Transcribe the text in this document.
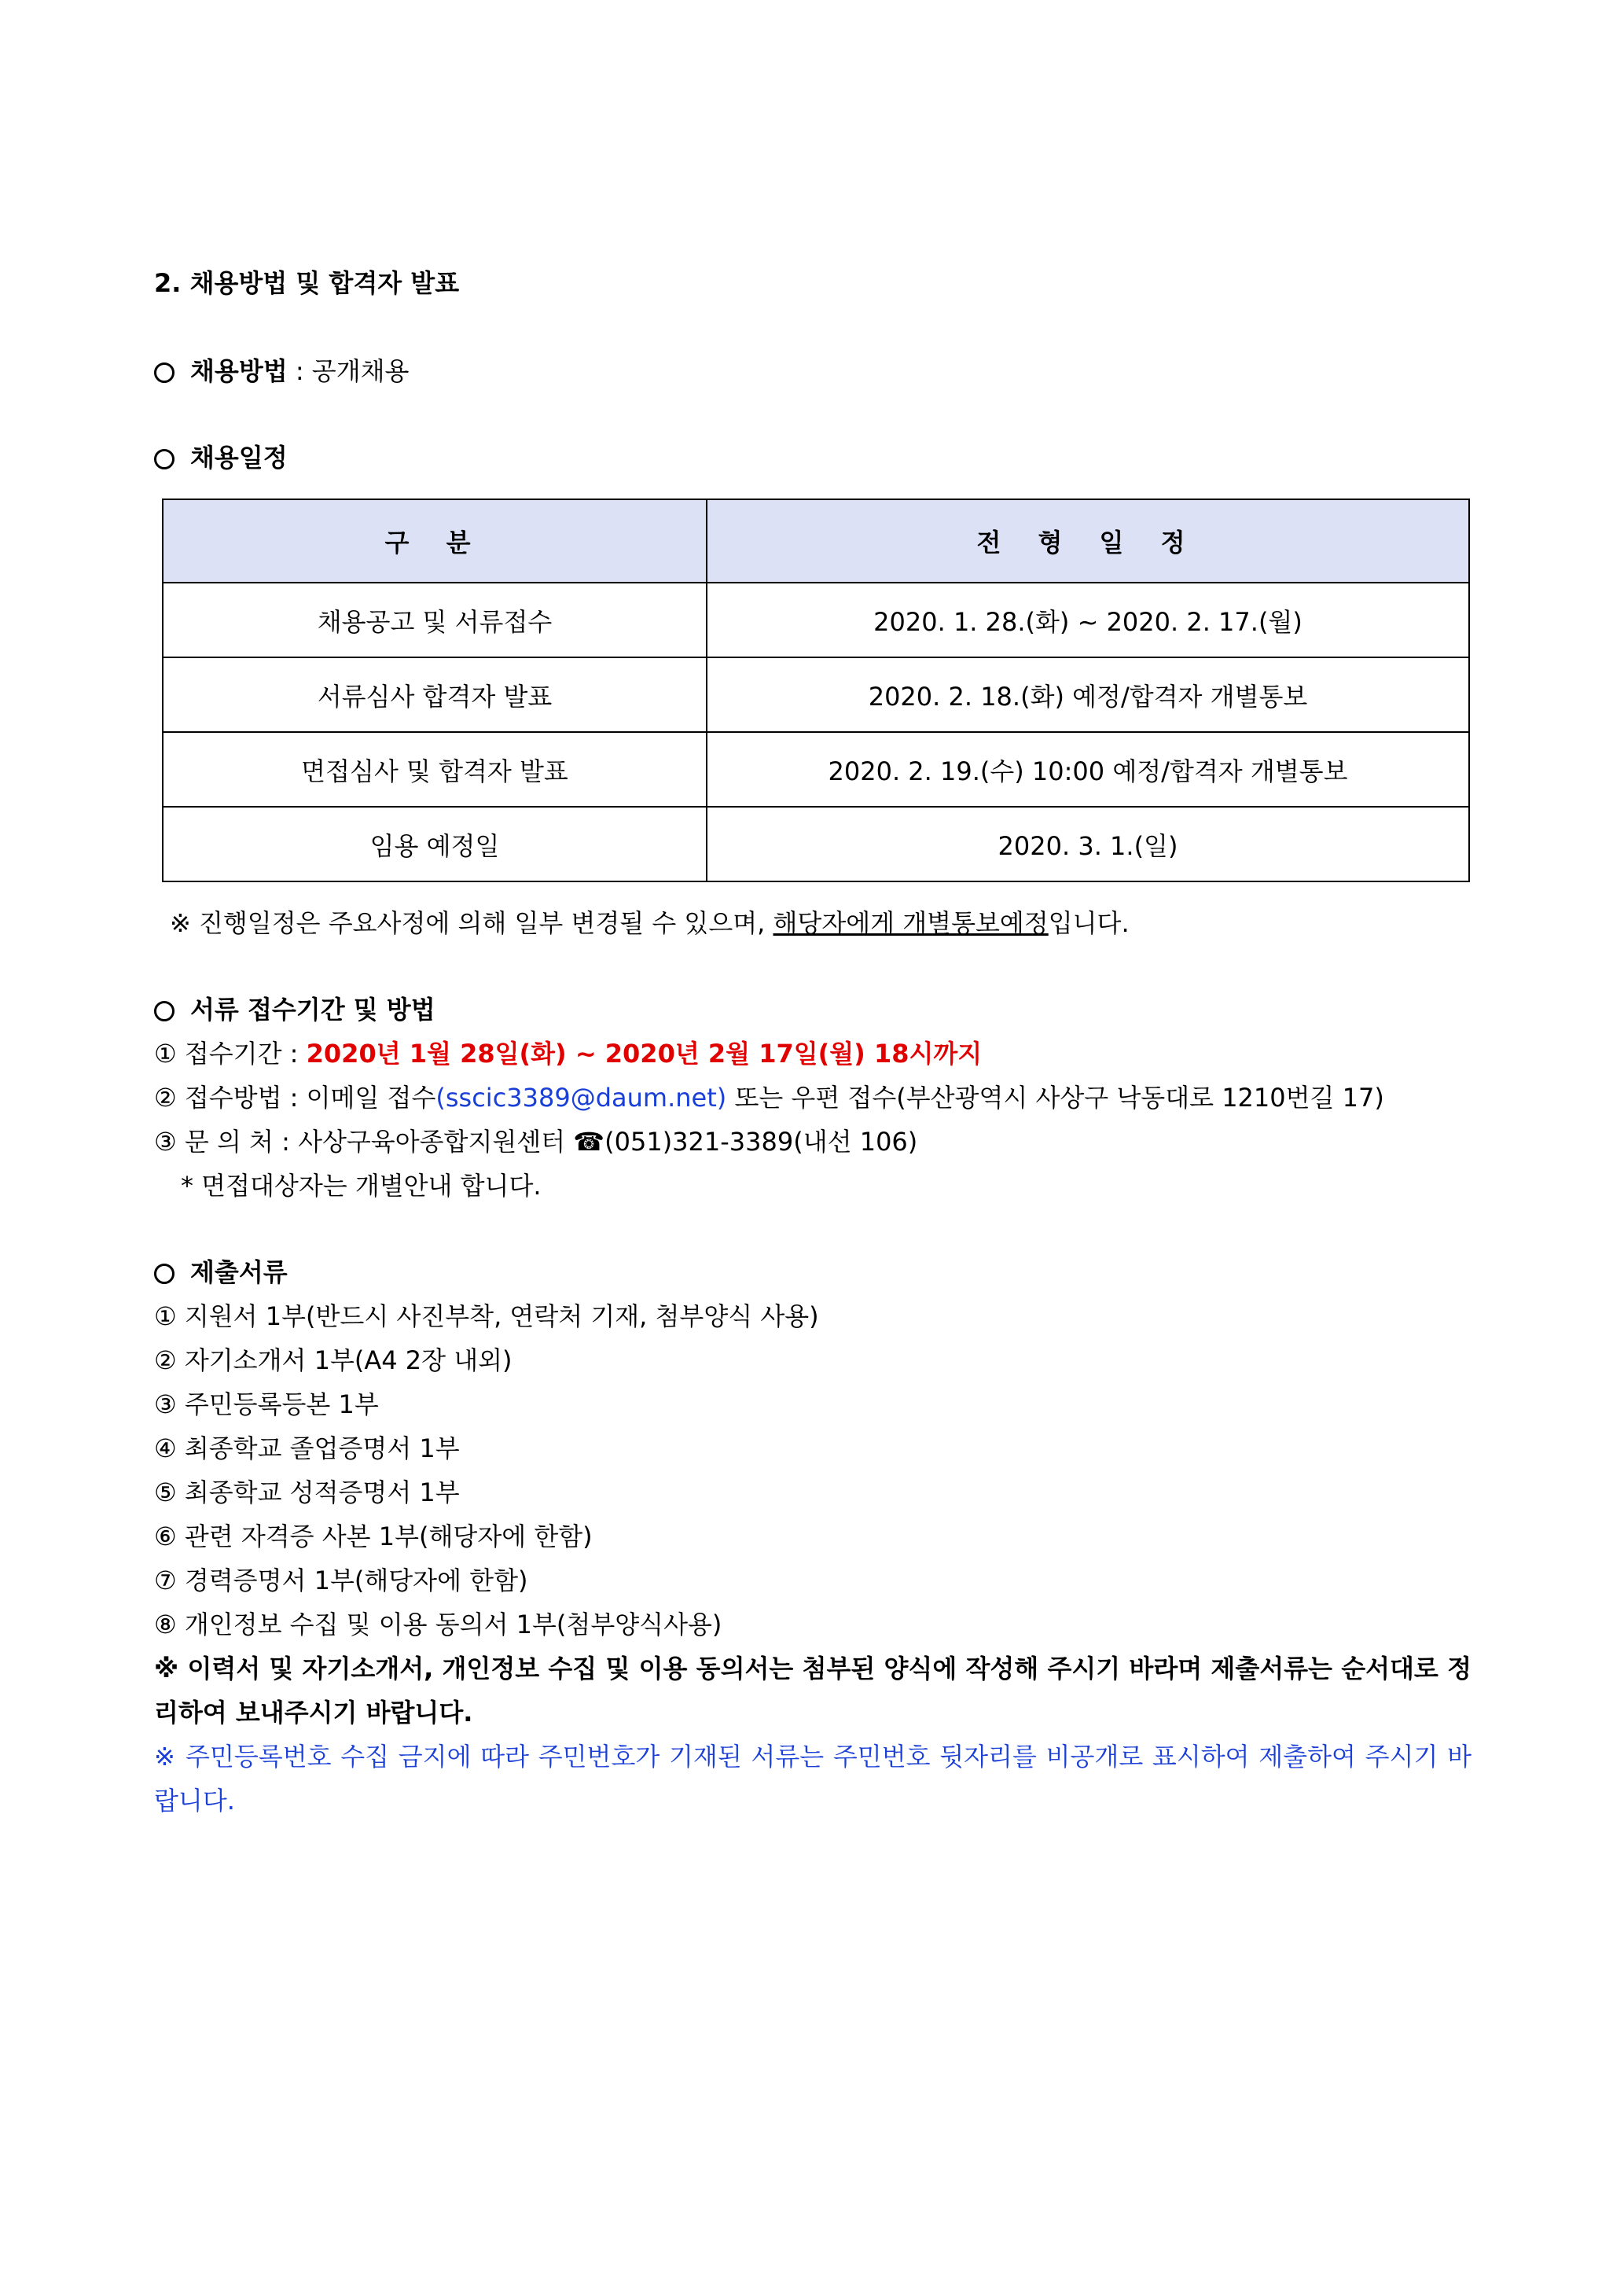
2. 채용방법 및 합격자 발표
채용방법 : 공개채용
채용일정
구 분	전 형 일 정
채용공고 및 서류접수	2020. 1. 28.(화) ~ 2020. 2. 17.(월)
서류심사 합격자 발표	2020. 2. 18.(화) 예정/합격자 개별통보
면접심사 및 합격자 발표	2020. 2. 19.(수) 10:00 예정/합격자 개별통보
임용 예정일	2020. 3. 1.(일)
※ 진행일정은 주요사정에 의해 일부 변경될 수 있으며, 해당자에게 개별통보예정입니다.
서류 접수기간 및 방법
① 접수기간 : 2020년 1월 28일(화) ~ 2020년 2월 17일(월) 18시까지
② 접수방법 : 이메일 접수(sscic3389@daum.net) 또는 우편 접수(부산광역시 사상구 낙동대로 1210번길 17)
③ 문 의 처 : 사상구육아종합지원센터 ☎(051)321-3389(내선 106)
* 면접대상자는 개별안내 합니다.
제출서류
① 지원서 1부(반드시 사진부착, 연락처 기재, 첨부양식 사용)
② 자기소개서 1부(A4 2장 내외)
③ 주민등록등본 1부
④ 최종학교 졸업증명서 1부
⑤ 최종학교 성적증명서 1부
⑥ 관련 자격증 사본 1부(해당자에 한함)
⑦ 경력증명서 1부(해당자에 한함)
⑧ 개인정보 수집 및 이용 동의서 1부(첨부양식사용)
※ 이력서 및 자기소개서, 개인정보 수집 및 이용 동의서는 첨부된 양식에 작성해 주시기 바라며 제출서류는 순서대로 정리하여 보내주시기 바랍니다.
※ 주민등록번호 수집 금지에 따라 주민번호가 기재된 서류는 주민번호 뒷자리를 비공개로 표시하여 제출하여 주시기 바랍니다.
